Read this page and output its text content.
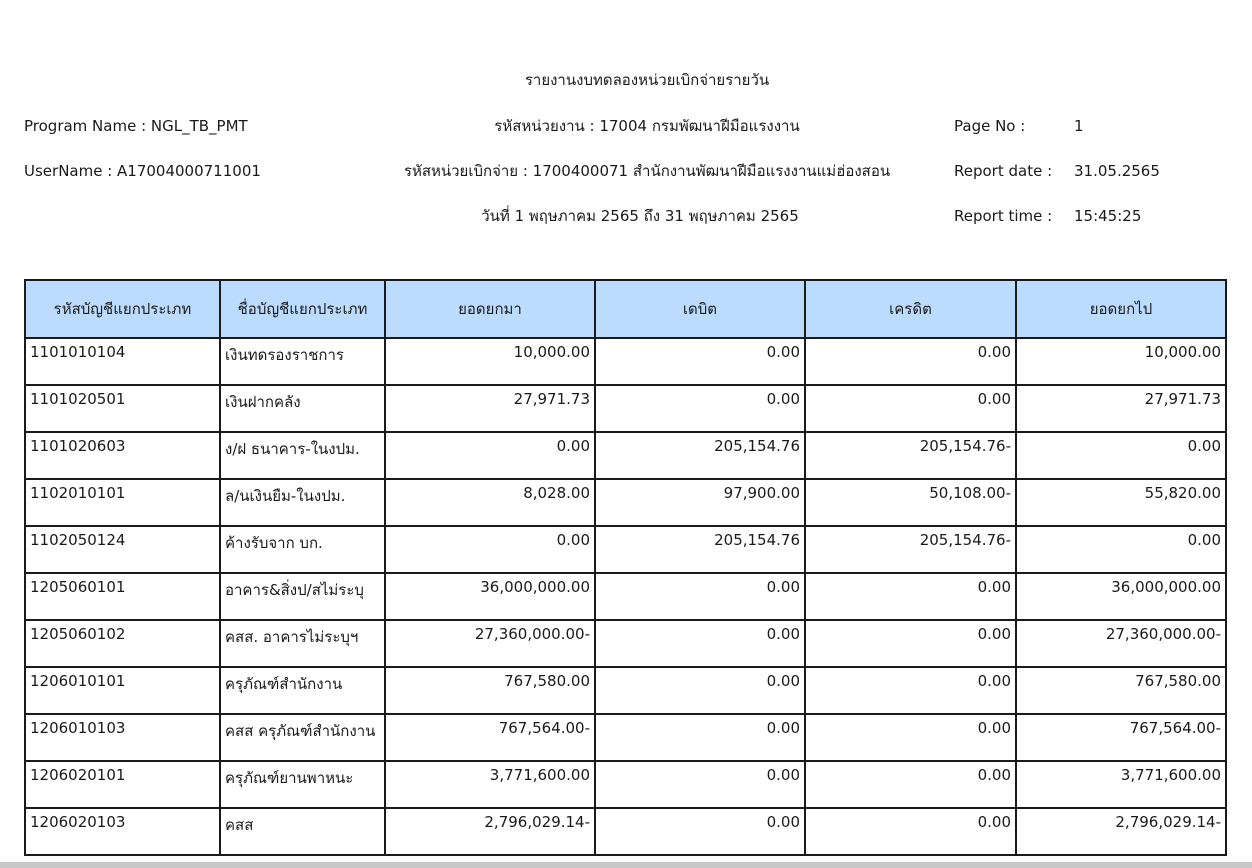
รายงานงบทดลองหน่วยเบิกจ่ายรายวัน
Program Name : NGL_TB_PMT	รหัสหน่วยงาน : 17004 กรมพัฒนาฝีมือแรงงาน	Page No :	1
UserName : A17004000711001	รหัสหน่วยเบิกจ่าย : 1700400071 สำนักงานพัฒนาฝีมือแรงงานแม่ฮ่องสอน	Report date : 31.05.2565
วันที่ 1 พฤษภาคม 2565 ถึง 31 พฤษภาคม 2565	Report time : 15:45:25
รหัสบัญชีแยกประเภท	ชื่อบัญชีแยกประเภท	ยอดยกมา	เดบิต	เครดิต	ยอดยกไป
1101010104	เงินทดรองราชการ	10,000.00	0.00	0.00	10,000.00
1101020501	เงินฝากคลัง	27,971.73	0.00	0.00	27,971.73
1101020603	ง/ฝ ธนาคาร-ในงปม.	0.00	205,154.76	205,154.76-	0.00
1102010101	ล/นเงินยืม-ในงปม.	8,028.00	97,900.00	50,108.00-	55,820.00
1102050124	ค้างรับจาก บก.	0.00	205,154.76	205,154.76-	0.00
1205060101	อาคาร&สิ่งป/สไม่ระบุ	36,000,000.00	0.00	0.00	36,000,000.00
1205060102	คสส. อาคารไม่ระบุฯ	27,360,000.00-	0.00	0.00	27,360,000.00-
1206010101	ครุภัณฑ์สำนักงาน	767,580.00	0.00	0.00	767,580.00
1206010103	คสส ครุภัณฑ์สำนักงาน	767,564.00-	0.00	0.00	767,564.00-
1206020101	ครุภัณฑ์ยานพาหนะ	3,771,600.00	0.00	0.00	3,771,600.00
1206020103	คสส	2,796,029.14-	0.00	0.00	2,796,029.14-
